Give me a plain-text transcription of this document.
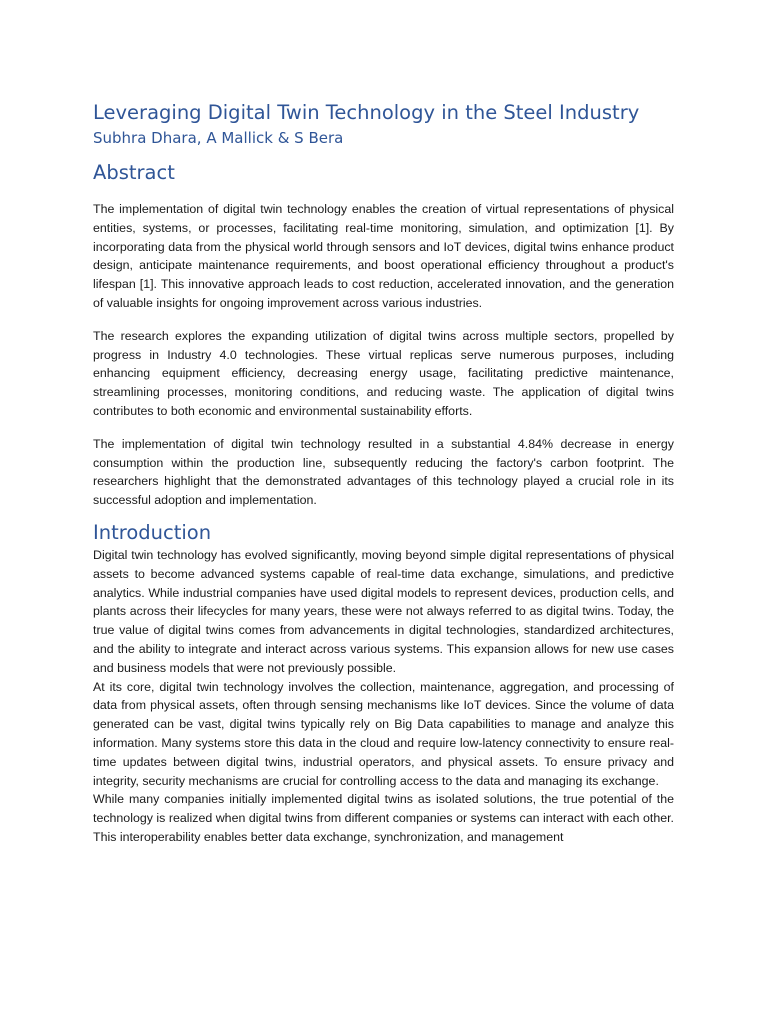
Leveraging Digital Twin Technology in the Steel Industry
Subhra Dhara, A Mallick & S Bera
Abstract

The implementation of digital twin technology enables the creation of virtual representations of physical entities, systems, or processes, facilitating real-time monitoring, simulation, and optimization [1]. By incorporating data from the physical world through sensors and IoT devices, digital twins enhance product design, anticipate maintenance requirements, and boost operational efficiency throughout a product's lifespan [1]. This innovative approach leads to cost reduction, accelerated innovation, and the generation of valuable insights for ongoing improvement across various industries.

The research explores the expanding utilization of digital twins across multiple sectors, propelled by progress in Industry 4.0 technologies. These virtual replicas serve numerous purposes, including enhancing equipment efficiency, decreasing energy usage, facilitating predictive maintenance, streamlining processes, monitoring conditions, and reducing waste. The application of digital twins contributes to both economic and environmental sustainability efforts.

The implementation of digital twin technology resulted in a substantial 4.84% decrease in energy consumption within the production line, subsequently reducing the factory's carbon footprint. The researchers highlight that the demonstrated advantages of this technology played a crucial role in its successful adoption and implementation.

Introduction

Digital twin technology has evolved significantly, moving beyond simple digital representations of physical assets to become advanced systems capable of real-time data exchange, simulations, and predictive analytics. While industrial companies have used digital models to represent devices, production cells, and plants across their lifecycles for many years, these were not always referred to as digital twins. Today, the true value of digital twins comes from advancements in digital technologies, standardized architectures, and the ability to integrate and interact across various systems. This expansion allows for new use cases and business models that were not previously possible.

At its core, digital twin technology involves the collection, maintenance, aggregation, and processing of data from physical assets, often through sensing mechanisms like IoT devices. Since the volume of data generated can be vast, digital twins typically rely on Big Data capabilities to manage and analyze this information. Many systems store this data in the cloud and require low-latency connectivity to ensure real-time updates between digital twins, industrial operators, and physical assets. To ensure privacy and integrity, security mechanisms are crucial for controlling access to the data and managing its exchange.

While many companies initially implemented digital twins as isolated solutions, the true potential of the technology is realized when digital twins from different companies or systems can interact with each other. This interoperability enables better data exchange, synchronization, and management
